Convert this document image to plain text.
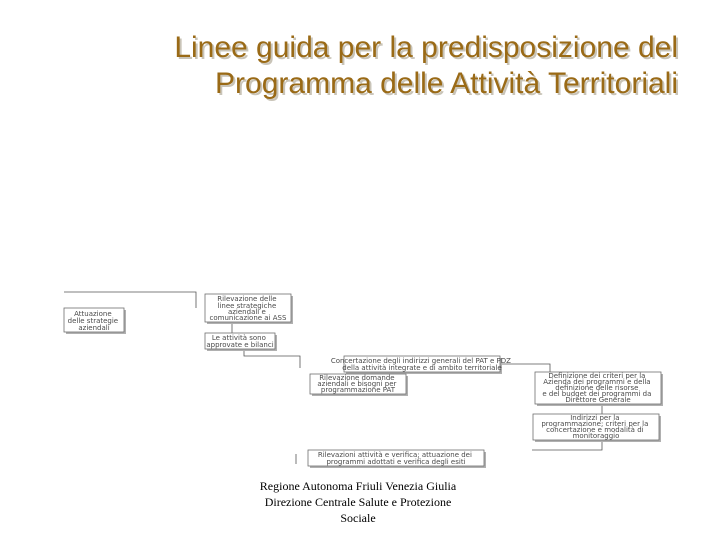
Linee guida per la predisposizione del
Programma delle Attività Territoriali
Attuazione delle strategie aziendali
Rilevazione delle linee strategiche aziendali e comunicazione ai ASS
Le attività sono approvate e bilanci
Concertazione degli indirizzi generali del PAT e PDZ della attività integrate e di ambito territoriale
Rilevazione domande aziendali e bisogni per programmazione PAT
Definizione dei criteri per la Azienda dei programmi e della definizione delle risorse e del budget dei programmi da Direttore Generale
Indirizzi per la programmazione; criteri per la concertazione e modalità di monitoraggio
Rilevazioni attività e verifica; attuazione dei programmi adottati e verifica degli esiti
Regione Autonoma Friuli Venezia Giulia
Direzione Centrale Salute e Protezione
Sociale
